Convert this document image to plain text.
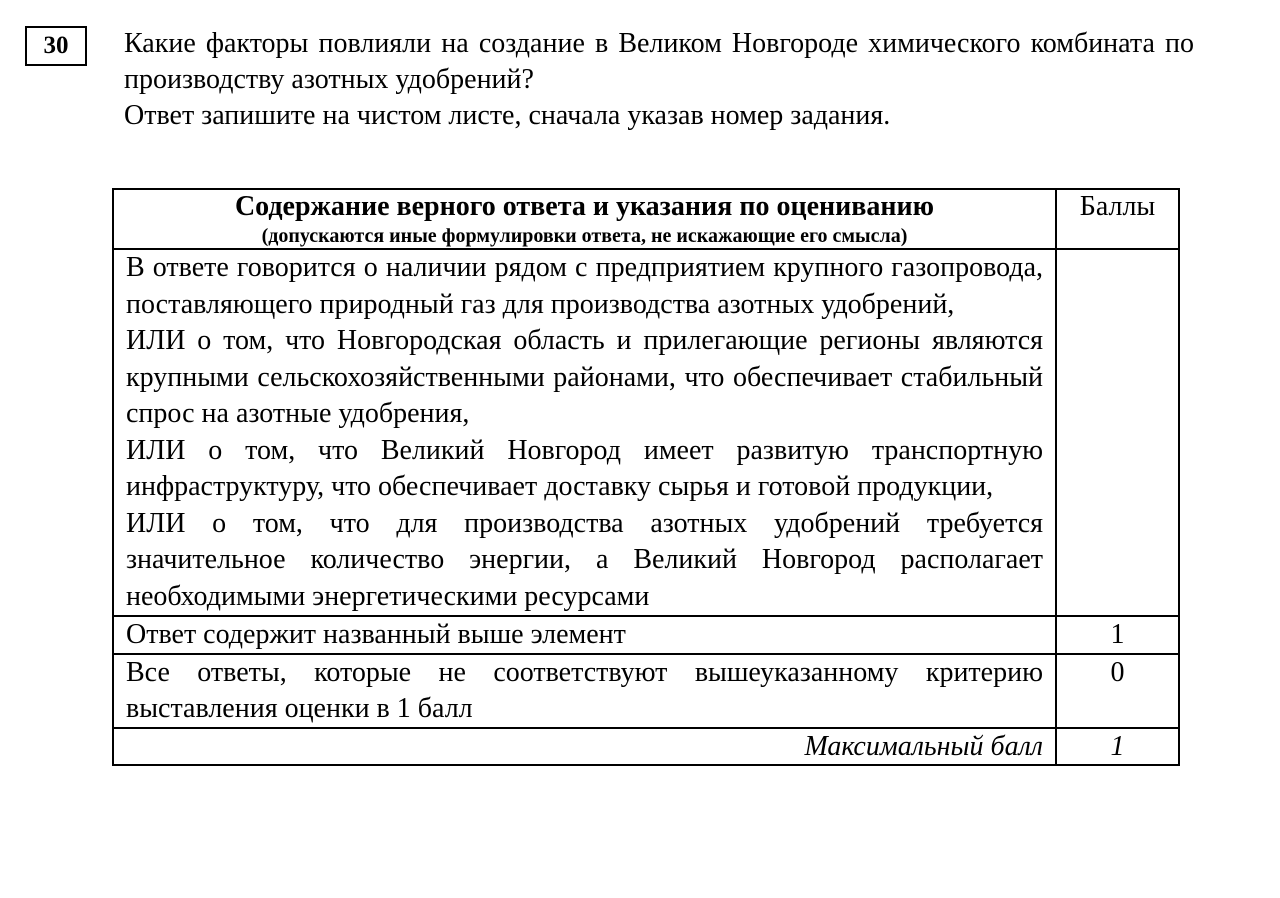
30	Какие факторы повлияли на создание в Великом Новгороде химического комбината по производству азотных удобрений?

Ответ запишите на чистом листе, сначала указав номер задания.

Содержание верного ответа и указания по оцениванию
(допускаются иные формулировки ответа, не искажающие его смысла)	Баллы

В ответе говорится о наличии рядом с предприятием крупного газопровода, поставляющего природный газ для производства азотных удобрений,

ИЛИ о том, что Новгородская область и прилегающие регионы являются крупными сельскохозяйственными районами, что обеспечивает стабильный спрос на азотные удобрения,

ИЛИ о том, что Великий Новгород имеет развитую транспортную инфраструктуру, что обеспечивает доставку сырья и готовой продукции,

ИЛИ о том, что для производства азотных удобрений требуется значительное количество энергии, а Великий Новгород располагает необходимыми энергетическими ресурсами	

Ответ содержит названный выше элемент	1
Все ответы, которые не соответствуют вышеуказанному критерию выставления оценки в 1 балл	0
Максимальный балл	1
